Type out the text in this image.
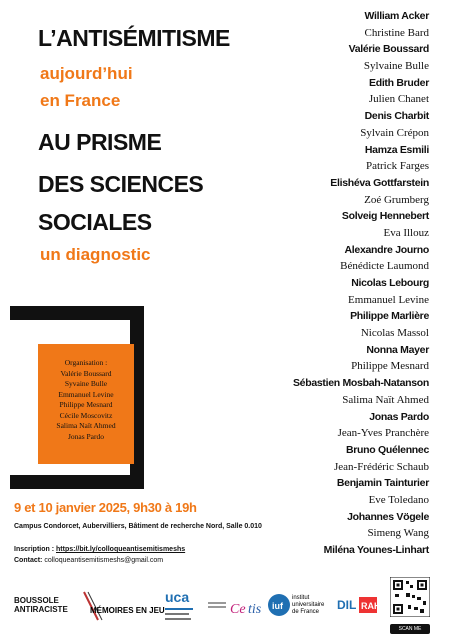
L’ANTISÉMITISME
aujourd’hui
en France
AU PRISME
DES SCIENCES
SOCIALES
un diagnostic
Organisation :
Valérie Boussard
Syvaine Bulle
Emmanuel Levine
Philippe Mesnard
Cécile Moscovitz
Salima Naït Ahmed
Jonas Pardo
William Acker
Christine Bard
Valérie Boussard
Sylvaine Bulle
Edith Bruder
Julien Chanet
Denis Charbit
Sylvain Crépon
Hamza Esmili
Patrick Farges
Elishéva Gottfarstein
Zoé Grumberg
Solveig Hennebert
Eva Illouz
Alexandre Journo
Bénédicte Laumond
Nicolas Lebourg
Emmanuel Levine
Philippe Marlière
Nicolas Massol
Nonna Mayer
Philippe Mesnard
Sébastien Mosbah-Natanson
Salima Naït Ahmed
Jonas Pardo
Jean-Yves Pranchère
Bruno Quélennec
Jean-Frédéric Schaub
Benjamin Tainturier
Eve Toledano
Johannes Vögele
Simeng Wang
Miléna Younes-Linhart
9 et 10 janvier 2025, 9h30 à 19h
Campus Condorcet, Aubervilliers, Bâtiment de recherche Nord, Salle 0.010
Inscription : https://bit.ly/colloqueantisemitismeshs
Contact: colloqueantisemitismeshs@gmail.com
BOUSSOLE
ANTIRACISTE	MÉMOIRES EN JEU
uca
Ce tis iuf
institut universitaire de France	DIL RAH
SCAN ME
